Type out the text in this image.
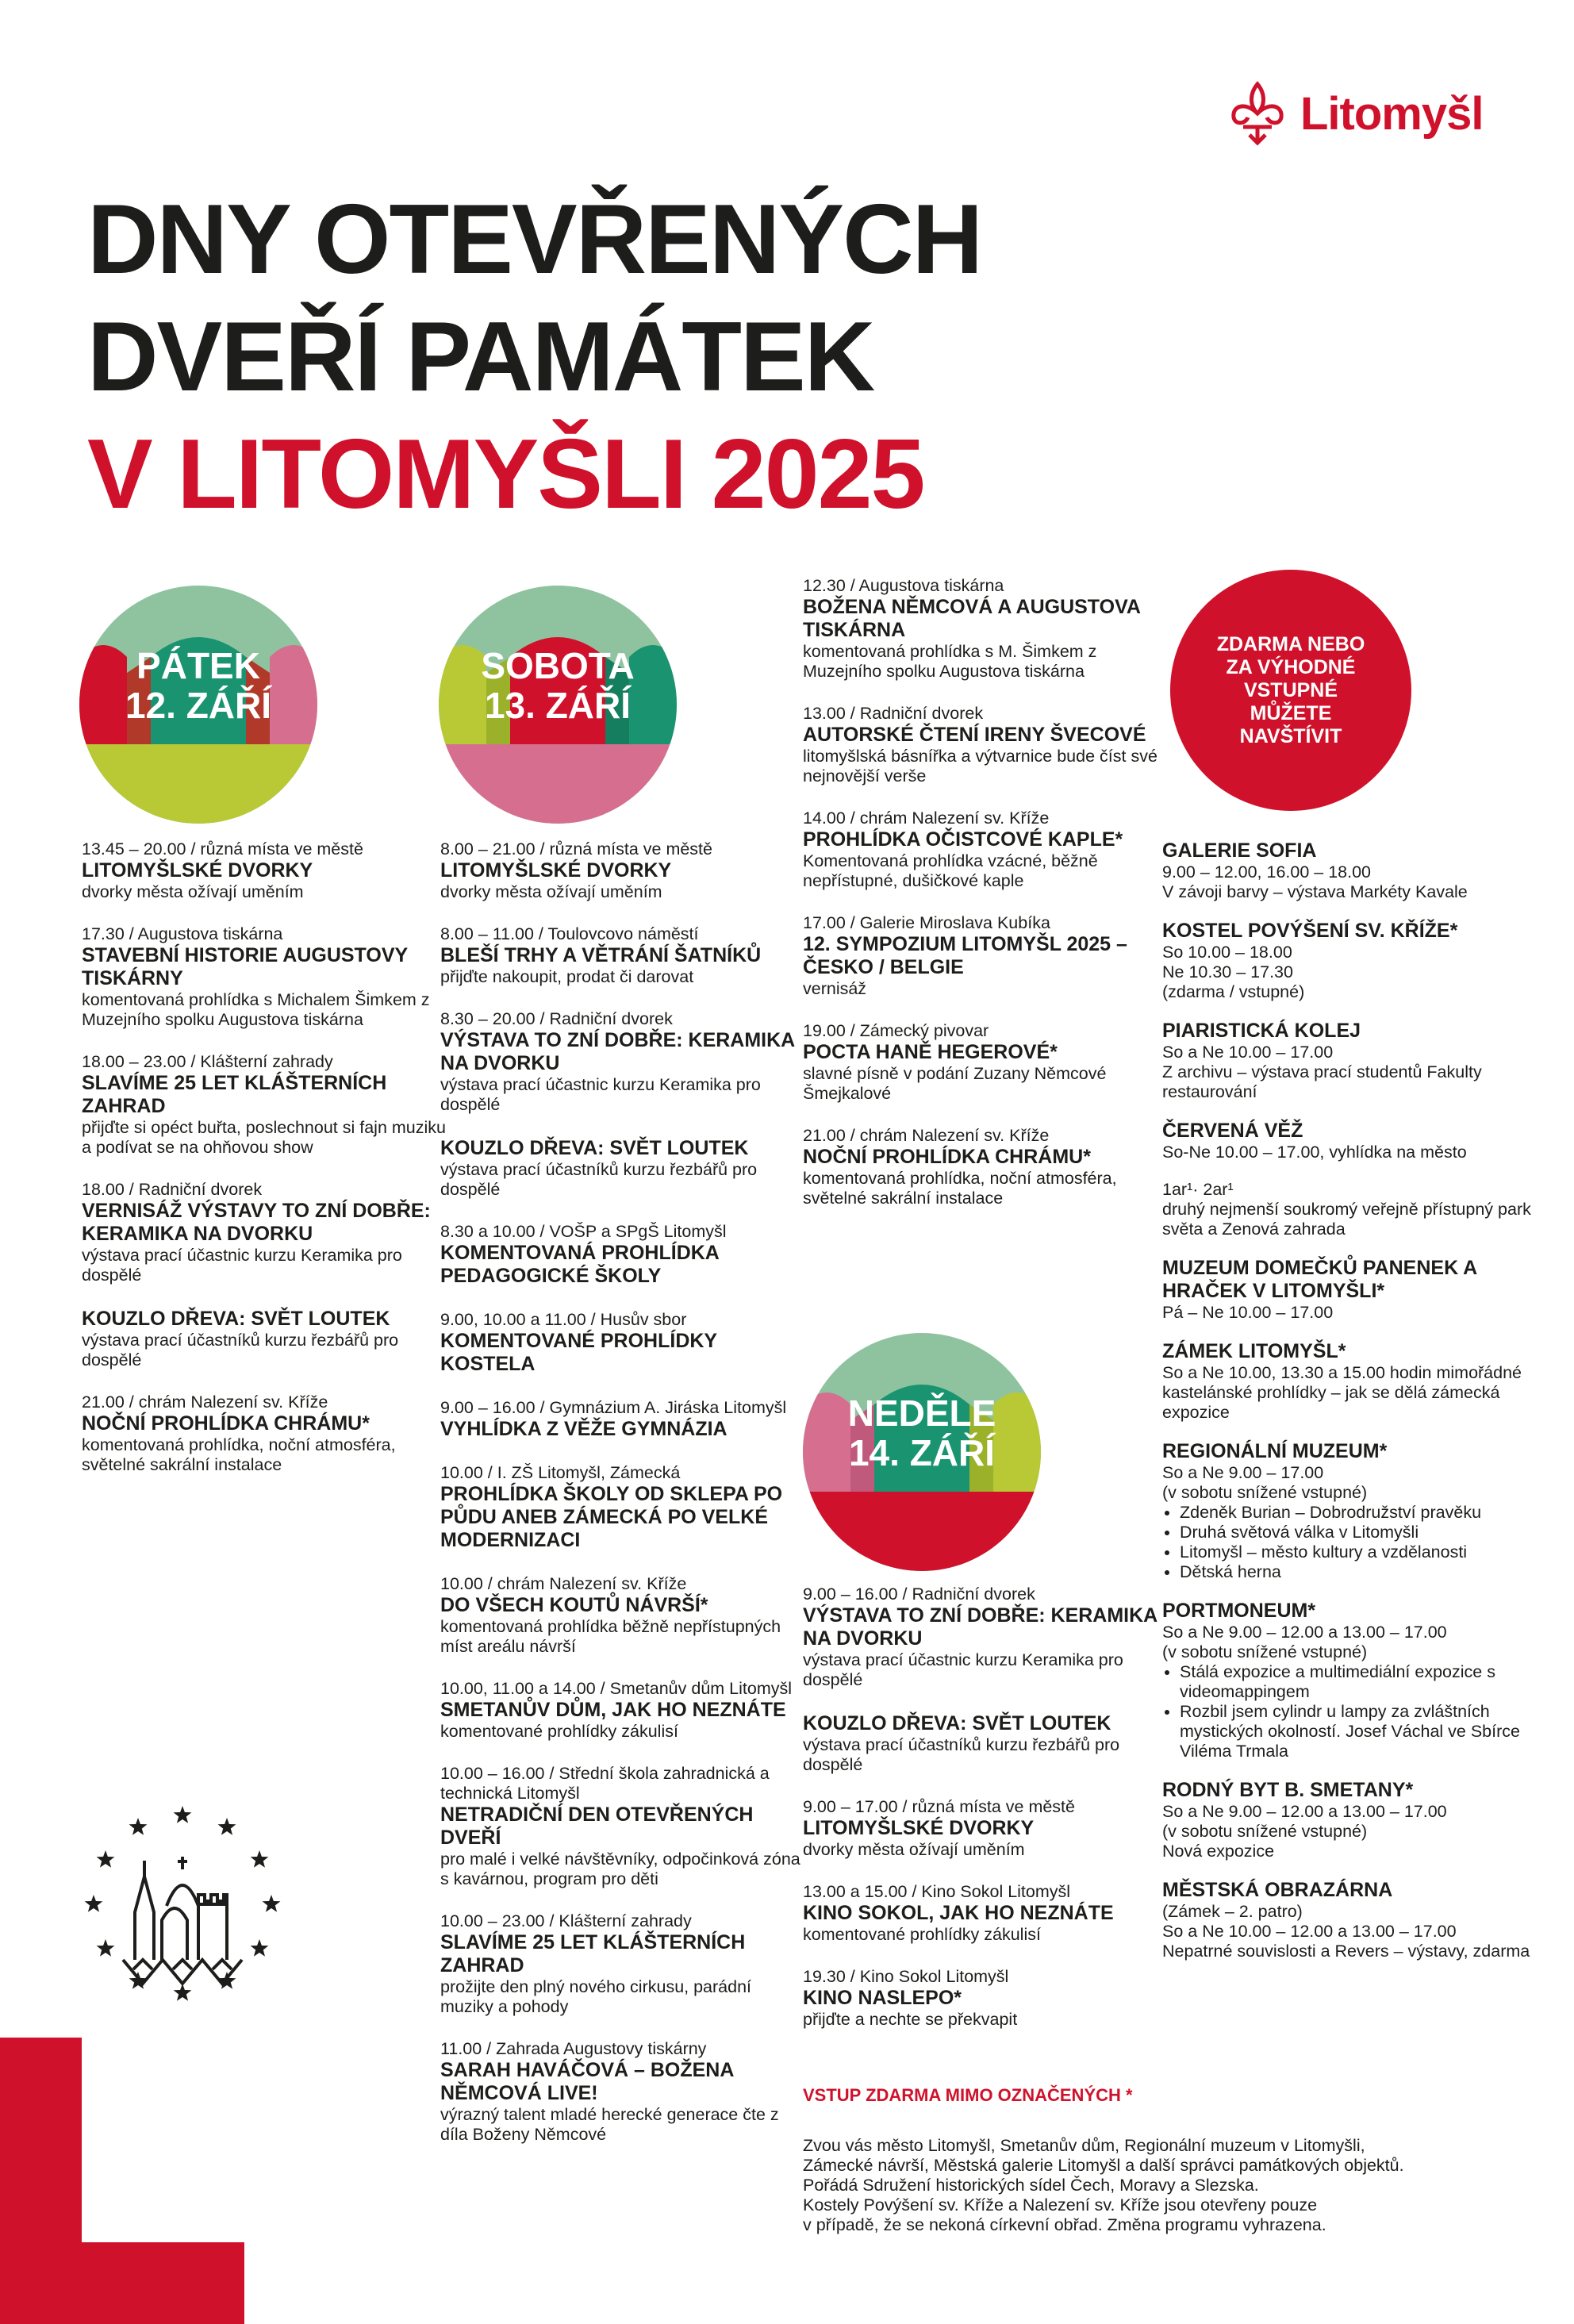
Litomyšl
DNY OTEVŘENÝCH
DVEŘÍ PAMÁTEK
V LITOMYŠLI 2025
PÁTEK
12. ZÁŘÍ
SOBOTA
13. ZÁŘÍ
ZDARMA NEBO ZA VÝHODNÉ VSTUPNÉ MŮŽETE NAVŠTÍVIT
NEDĚLE
14. ZÁŘÍ
13.45 – 20.00 / různá místa ve městě
LITOMYŠLSKÉ DVORKY
dvorky města ožívají uměním
17.30 / Augustova tiskárna
STAVEBNÍ HISTORIE AUGUSTOVY TISKÁRNY
komentovaná prohlídka s Michalem Šimkem z Muzejního spolku Augustova tiskárna
18.00 – 23.00 / Klášterní zahrady
SLAVÍME 25 LET KLÁŠTERNÍCH ZAHRAD
přijďte si opéct buřta, poslechnout si fajn muziku a podívat se na ohňovou show
18.00 / Radniční dvorek
VERNISÁŽ VÝSTAVY TO ZNÍ DOBŘE: KERAMIKA NA DVORKU
výstava prací účastnic kurzu Keramika pro dospělé
KOUZLO DŘEVA: SVĚT LOUTEK
výstava prací účastníků kurzu řezbářů pro dospělé
21.00 / chrám Nalezení sv. Kříže
NOČNÍ PROHLÍDKA CHRÁMU*
komentovaná prohlídka, noční atmosféra, světelné sakrální instalace
8.00 – 21.00 / různá místa ve městě
LITOMYŠLSKÉ DVORKY
dvorky města ožívají uměním
8.00 – 11.00 / Toulovcovo náměstí
BLEŠÍ TRHY A VĚTRÁNÍ ŠATNÍKŮ
přijďte nakoupit, prodat či darovat
8.30 – 20.00 / Radniční dvorek
VÝSTAVA TO ZNÍ DOBŘE: KERAMIKA NA DVORKU
výstava prací účastnic kurzu Keramika pro dospělé
KOUZLO DŘEVA: SVĚT LOUTEK
výstava prací účastníků kurzu řezbářů pro dospělé
8.30 a 10.00 / VOŠP a SPgŠ Litomyšl
KOMENTOVANÁ PROHLÍDKA PEDAGOGICKÉ ŠKOLY
9.00, 10.00 a 11.00 / Husův sbor
KOMENTOVANÉ PROHLÍDKY KOSTELA
9.00 – 16.00 / Gymnázium A. Jiráska Litomyšl
VYHLÍDKA Z VĚŽE GYMNÁZIA
10.00 / I. ZŠ Litomyšl, Zámecká
PROHLÍDKA ŠKOLY OD SKLEPA PO PŮDU ANEB ZÁMECKÁ PO VELKÉ MODERNIZACI
10.00 / chrám Nalezení sv. Kříže
DO VŠECH KOUTŮ NÁVRŠÍ*
komentovaná prohlídka běžně nepřístupných míst areálu návrší
10.00, 11.00 a 14.00 / Smetanův dům Litomyšl
SMETANŮV DŮM, JAK HO NEZNÁTE
komentované prohlídky zákulisí
10.00 – 16.00 / Střední škola zahradnická a technická Litomyšl
NETRADIČNÍ DEN OTEVŘENÝCH DVEŘÍ
pro malé i velké návštěvníky, odpočinková zóna s kavárnou, program pro děti
10.00 – 23.00 / Klášterní zahrady
SLAVÍME 25 LET KLÁŠTERNÍCH ZAHRAD
prožijte den plný nového cirkusu, parádní muziky a pohody
11.00 / Zahrada Augustovy tiskárny
SARAH HAVÁČOVÁ – BOŽENA NĚMCOVÁ LIVE!
výrazný talent mladé herecké generace čte z díla Boženy Němcové
12.30 / Augustova tiskárna
BOŽENA NĚMCOVÁ A AUGUSTOVA TISKÁRNA
komentovaná prohlídka s M. Šimkem z Muzejního spolku Augustova tiskárna
13.00 / Radniční dvorek
AUTORSKÉ ČTENÍ IRENY ŠVECOVÉ
litomyšlská básnířka a výtvarnice bude číst své nejnovější verše
14.00 / chrám Nalezení sv. Kříže
PROHLÍDKA OČISTCOVÉ KAPLE*
Komentovaná prohlídka vzácné, běžně nepřístupné, dušičkové kaple
17.00 / Galerie Miroslava Kubíka
12. SYMPOZIUM LITOMYŠL 2025 – ČESKO / BELGIE
vernisáž
19.00 / Zámecký pivovar
POCTA HANĚ HEGEROVÉ*
slavné písně v podání Zuzany Němcové Šmejkalové
21.00 / chrám Nalezení sv. Kříže
NOČNÍ PROHLÍDKA CHRÁMU*
komentovaná prohlídka, noční atmosféra, světelné sakrální instalace
9.00 – 16.00 / Radniční dvorek
VÝSTAVA TO ZNÍ DOBŘE: KERAMIKA NA DVORKU
výstava prací účastnic kurzu Keramika pro dospělé
KOUZLO DŘEVA: SVĚT LOUTEK
výstava prací účastníků kurzu řezbářů pro dospělé
9.00 – 17.00 / různá místa ve městě
LITOMYŠLSKÉ DVORKY
dvorky města ožívají uměním
13.00 a 15.00 / Kino Sokol Litomyšl
KINO SOKOL, JAK HO NEZNÁTE
komentované prohlídky zákulisí
19.30 / Kino Sokol Litomyšl
KINO NASLEPO*
přijďte a nechte se překvapit
GALERIE SOFIA
9.00 – 12.00, 16.00 – 18.00
V závoji barvy – výstava Markéty Kavale
KOSTEL POVÝŠENÍ SV. KŘÍŽE*
So 10.00 – 18.00
Ne 10.30 – 17.30
(zdarma / vstupné)
PIARISTICKÁ KOLEJ
So a Ne 10.00 – 17.00
Z archivu – výstava prací studentů Fakulty restaurování
ČERVENÁ VĚŽ
So-Ne 10.00 – 17.00, vyhlídka na město
1ar¹· 2ar¹
druhý nejmenší soukromý veřejně přístupný park světa a Zenová zahrada
MUZEUM DOMEČKŮ PANENEK A HRAČEK V LITOMYŠLI*
Pá – Ne 10.00 – 17.00
ZÁMEK LITOMYŠL*
So a Ne 10.00, 13.30 a 15.00 hodin mimořádné kastelánské prohlídky – jak se dělá zámecká expozice
REGIONÁLNÍ MUZEUM*
So a Ne 9.00 – 17.00
(v sobotu snížené vstupné)
• Zdeněk Burian – Dobrodružství pravěku
• Druhá světová válka v Litomyšli
• Litomyšl – město kultury a vzdělanosti
• Dětská herna
PORTMONEUM*
So a Ne 9.00 – 12.00 a 13.00 – 17.00
(v sobotu snížené vstupné)
• Stálá expozice a multimediální expozice s videomappingem
• Rozbil jsem cylindr u lampy za zvláštních mystických okolností. Josef Váchal ve Sbírce Viléma Trmala
RODNÝ BYT B. SMETANY*
So a Ne 9.00 – 12.00 a 13.00 – 17.00
(v sobotu snížené vstupné)
Nová expozice
MĚSTSKÁ OBRAZÁRNA
(Zámek – 2. patro)
So a Ne 10.00 – 12.00 a 13.00 – 17.00
Nepatrné souvislosti a Revers – výstavy, zdarma
VSTUP ZDARMA MIMO OZNAČENÝCH *
Zvou vás město Litomyšl, Smetanův dům, Regionální muzeum v Litomyšli,
Zámecké návrší, Městská galerie Litomyšl a další správci památkových objektů.
Pořádá Sdružení historických sídel Čech, Moravy a Slezska.
Kostely Povýšení sv. Kříže a Nalezení sv. Kříže jsou otevřeny pouze
v případě, že se nekoná církevní obřad. Změna programu vyhrazena.
